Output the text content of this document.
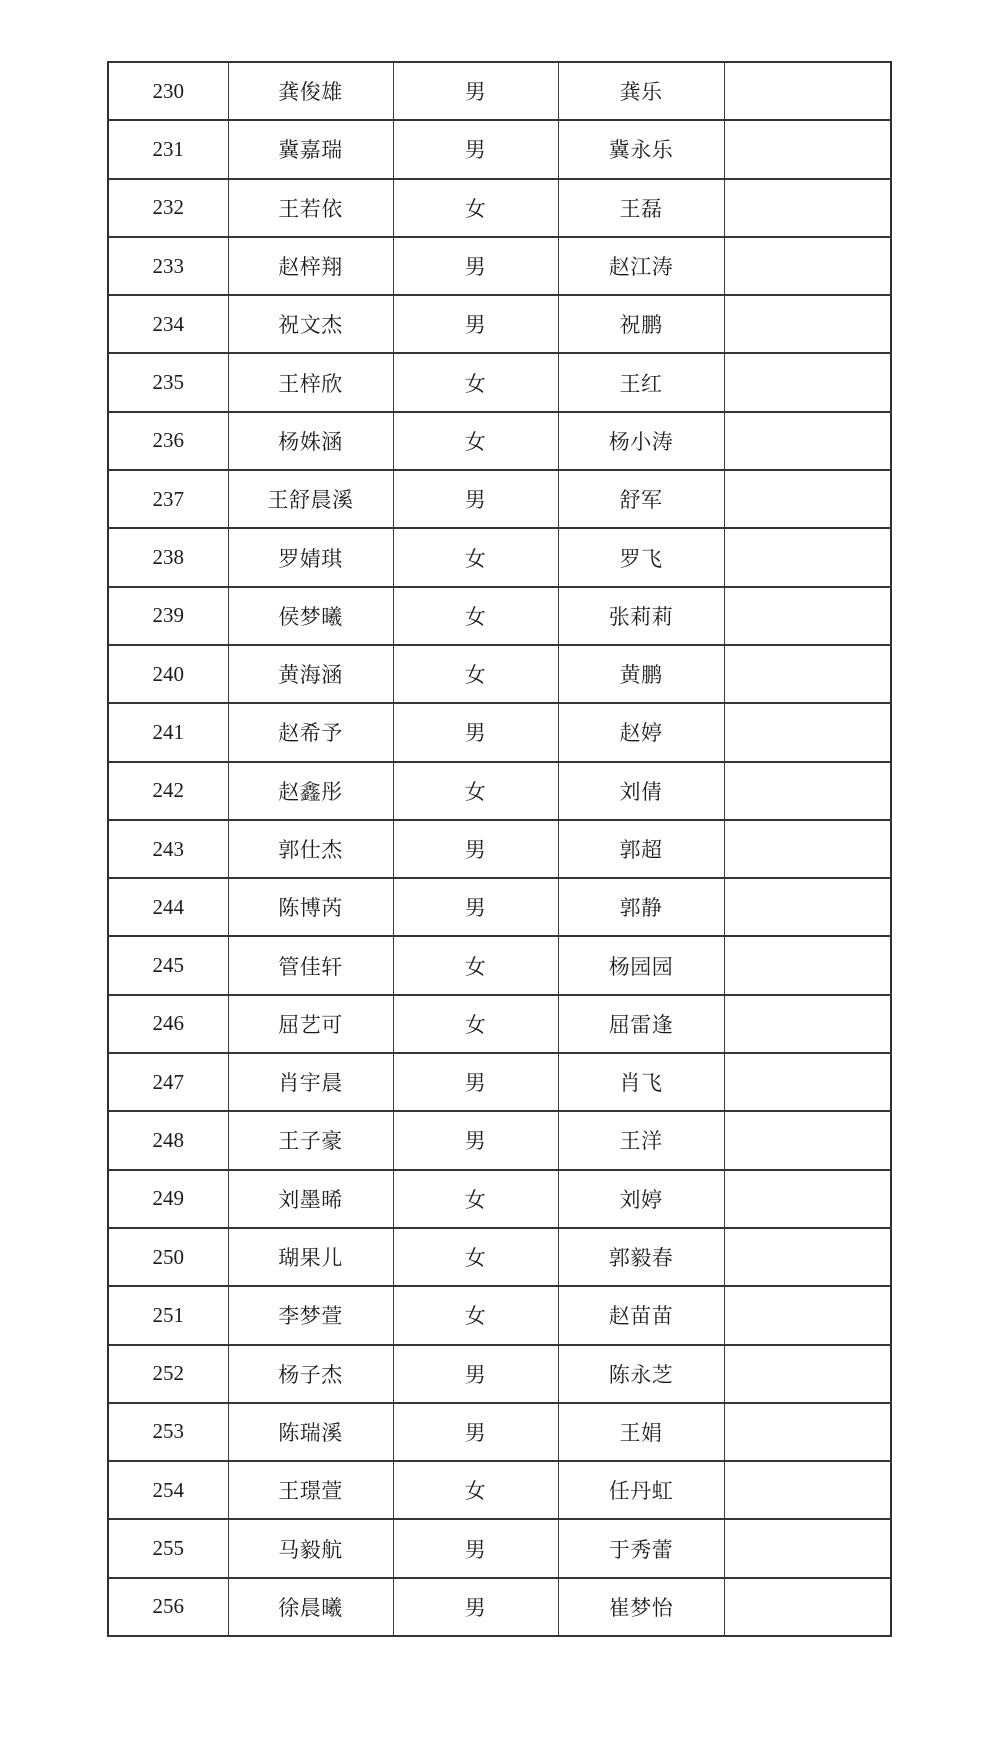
230	龚俊雄	男	龚乐	
231	冀嘉瑞	男	冀永乐	
232	王若依	女	王磊	
233	赵梓翔	男	赵江涛	
234	祝文杰	男	祝鹏	
235	王梓欣	女	王红	
236	杨姝涵	女	杨小涛	
237	王舒晨溪	男	舒军	
238	罗婧琪	女	罗飞	
239	侯梦曦	女	张莉莉	
240	黄海涵	女	黄鹏	
241	赵希予	男	赵婷	
242	赵鑫彤	女	刘倩	
243	郭仕杰	男	郭超	
244	陈博芮	男	郭静	
245	管佳轩	女	杨园园	
246	屈艺可	女	屈雷逢	
247	肖宇晨	男	肖飞	
248	王子豪	男	王洋	
249	刘墨晞	女	刘婷	
250	瑚果儿	女	郭毅春	
251	李梦萱	女	赵苗苗	
252	杨子杰	男	陈永芝	
253	陈瑞溪	男	王娟	
254	王璟萱	女	任丹虹	
255	马毅航	男	于秀蕾	
256	徐晨曦	男	崔梦怡	
